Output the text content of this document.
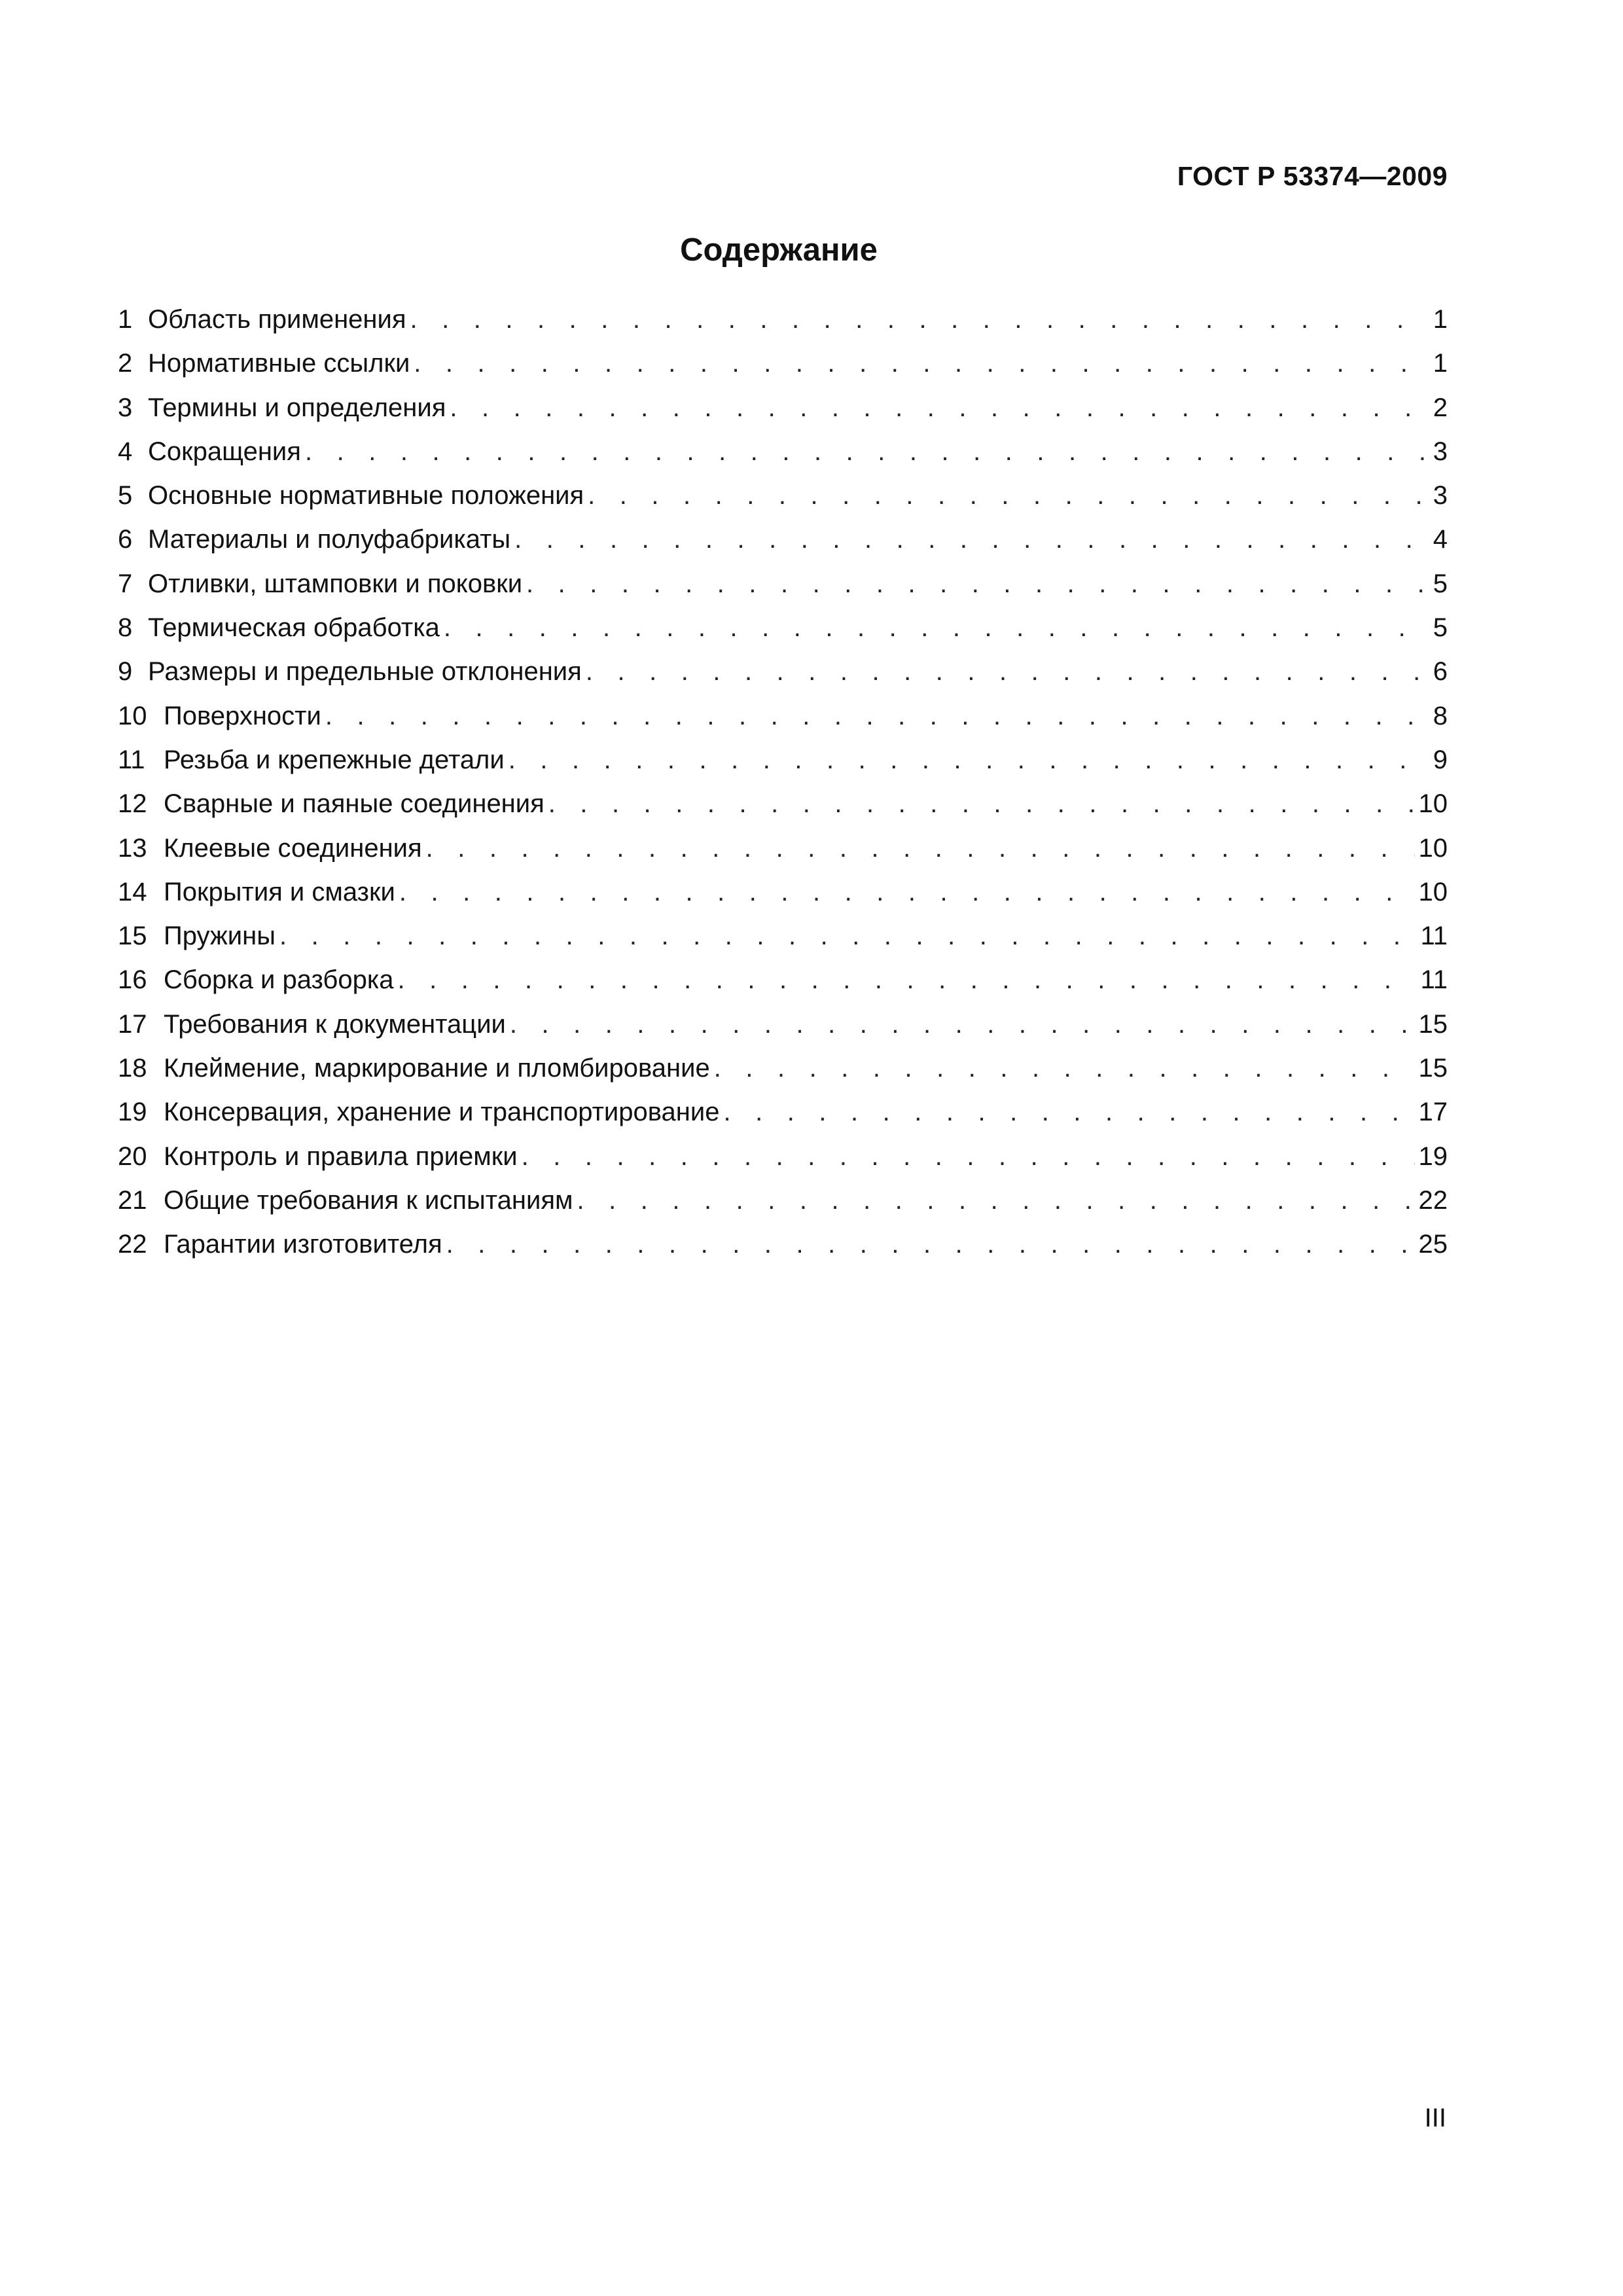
ГОСТ Р 53374—2009
Содержание
1 Область применения . . .	1
2 Нормативные ссылки . . .	1
3 Термины и определения . . .	2
4 Сокращения . . .	3
5 Основные нормативные положения . . .	3
6 Материалы и полуфабрикаты . . .	4
7 Отливки, штамповки и поковки . . .	5
8 Термическая обработка . . .	5
9 Размеры и предельные отклонения . . .	6
10 Поверхности . . .	8
11 Резьба и крепежные детали . . .	9
12 Сварные и паяные соединения . . .	10
13 Клеевые соединения . . .	10
14 Покрытия и смазки . . .	10
15 Пружины . . .	11
16 Сборка и разборка . . .	11
17 Требования к документации . . .	15
18 Клеймение, маркирование и пломбирование . . .	15
19 Консервация, хранение и транспортирование . . .	17
20 Контроль и правила приемки . . .	19
21 Общие требования к испытаниям . . .	22
22 Гарантии изготовителя . . .	25
III
